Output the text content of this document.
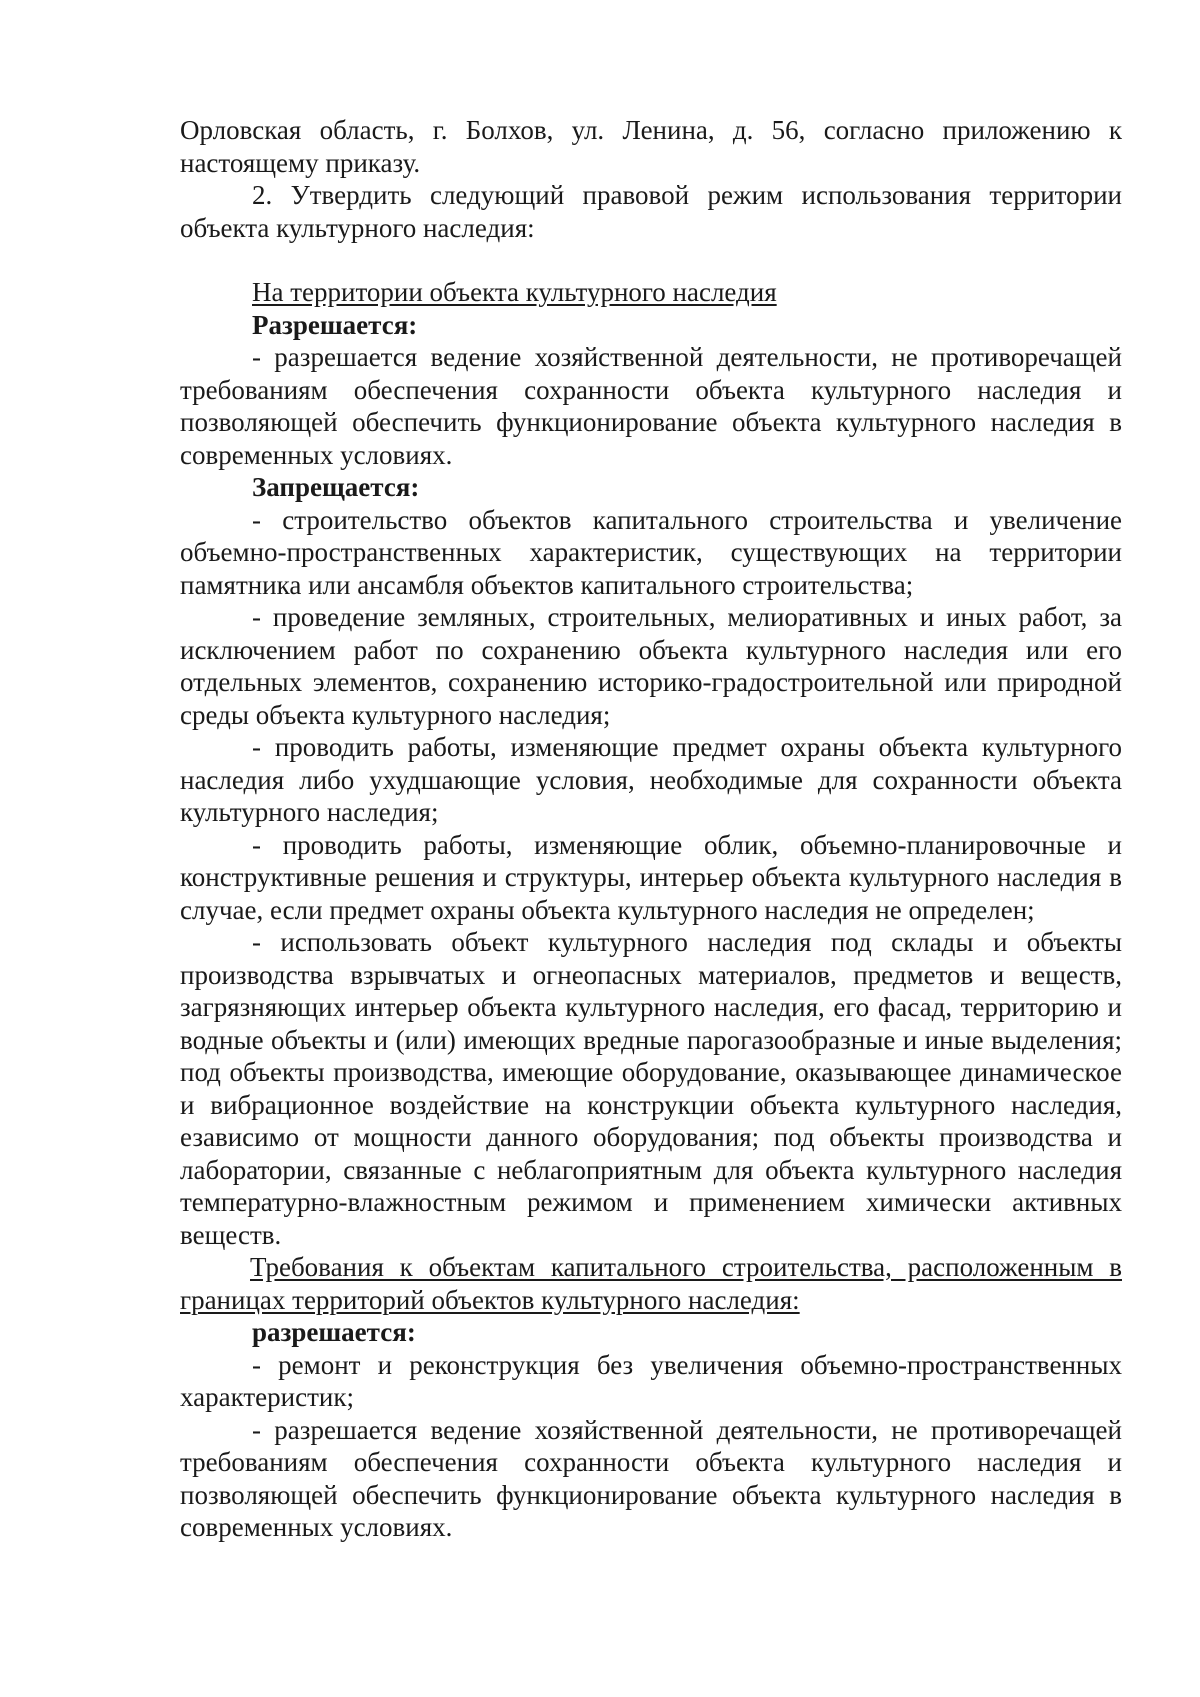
Орловская область, г. Болхов, ул. Ленина, д. 56, согласно приложению к настоящему приказу.

2. Утвердить следующий правовой режим использования территории объекта культурного наследия:

На территории объекта культурного наследия

Разрешается:

- разрешается ведение хозяйственной деятельности, не противоречащей требованиям обеспечения сохранности объекта культурного наследия и позволяющей обеспечить функционирование объекта культурного наследия в современных условиях.

Запрещается:

- строительство объектов капитального строительства и увеличение объемно-пространственных характеристик, существующих на территории памятника или ансамбля объектов капитального строительства;

- проведение земляных, строительных, мелиоративных и иных работ, за исключением работ по сохранению объекта культурного наследия или его отдельных элементов, сохранению историко-градостроительной или природной среды объекта культурного наследия;

- проводить работы, изменяющие предмет охраны объекта культурного наследия либо ухудшающие условия, необходимые для сохранности объекта культурного наследия;

- проводить работы, изменяющие облик, объемно-планировочные и конструктивные решения и структуры, интерьер объекта культурного наследия в случае, если предмет охраны объекта культурного наследия не определен;

- использовать объект культурного наследия под склады и объекты производства взрывчатых и огнеопасных материалов, предметов и веществ, загрязняющих интерьер объекта культурного наследия, его фасад, территорию и водные объекты и (или) имеющих вредные парогазообразные и иные выделения; под объекты производства, имеющие оборудование, оказывающее динамическое и вибрационное воздействие на конструкции объекта культурного наследия, езависимо от мощности данного оборудования; под объекты производства и лаборатории, связанные с неблагоприятным для объекта культурного наследия температурно-влажностным режимом и применением химически активных веществ.

Требования к объектам капитального строительства, расположенным в границах территорий объектов культурного наследия:

разрешается:

- ремонт и реконструкция без увеличения объемно-пространственных характеристик;

- разрешается ведение хозяйственной деятельности, не противоречащей требованиям обеспечения сохранности объекта культурного наследия и позволяющей обеспечить функционирование объекта культурного наследия в современных условиях.
